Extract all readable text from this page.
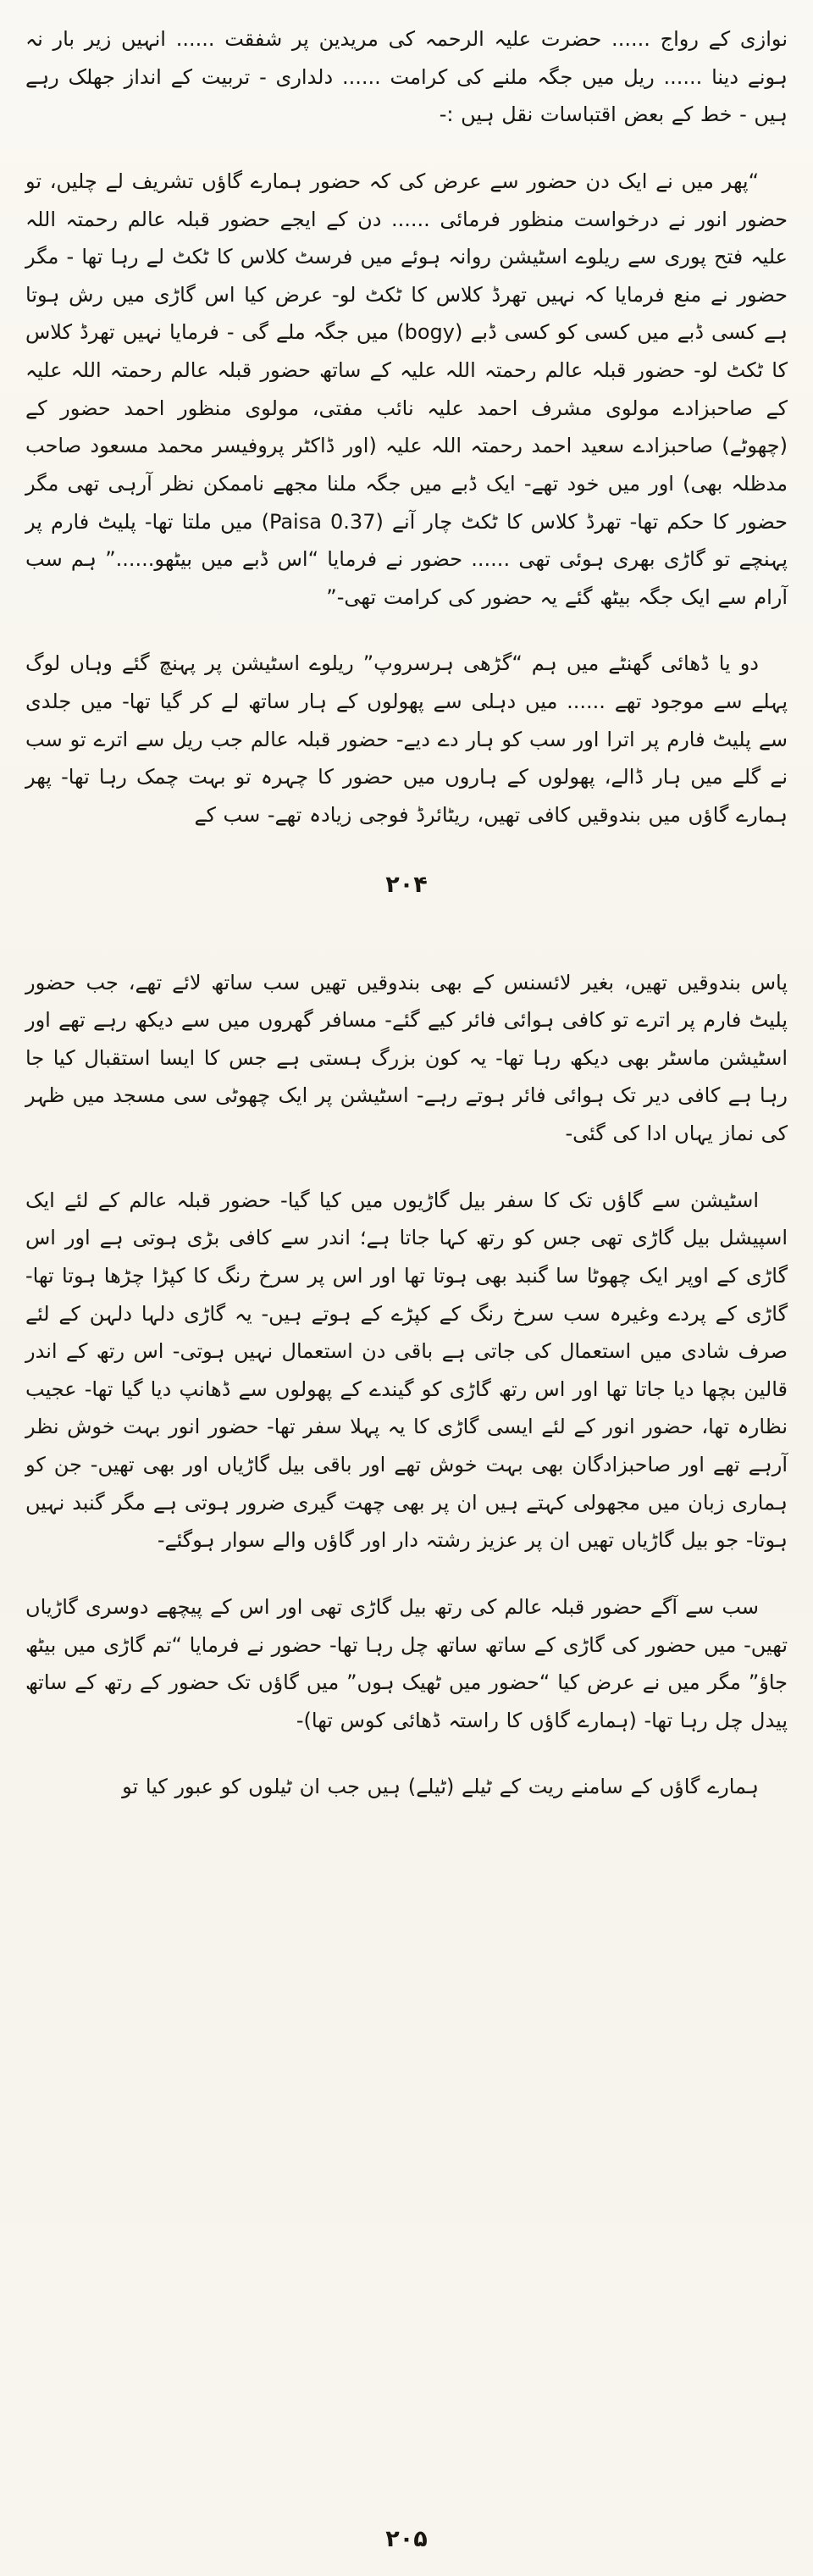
نوازی کے رواج ...... حضرت علیہ الرحمہ کی مریدین پر شفقت ...... انہیں زیر بار نہ ہونے دینا ...... ریل میں جگہ ملنے کی کرامت ...... دلداری - تربیت کے انداز جھلک رہے ہیں - خط کے بعض اقتباسات نقل ہیں :-

“پھر میں نے ایک دن حضور سے عرض کی کہ حضور ہمارے گاؤں تشریف لے چلیں، تو حضور انور نے درخواست منظور فرمائی ...... دن کے ایجے حضور قبلہ عالم رحمتہ اللہ علیہ فتح پوری سے ریلوے اسٹیشن روانہ ہوئے میں فرسٹ کلاس کا ٹکٹ لے رہا تھا - مگر حضور نے منع فرمایا کہ نہیں تھرڈ کلاس کا ٹکٹ لو- عرض کیا اس گاڑی میں رش ہوتا ہے کسی ڈبے میں کسی کو کسی ڈبے (bogy) میں جگہ ملے گی - فرمایا نہیں تھرڈ کلاس کا ٹکٹ لو- حضور قبلہ عالم رحمتہ اللہ علیہ کے ساتھ حضور قبلہ عالم رحمتہ اللہ علیہ کے صاحبزادے مولوی مشرف احمد علیہ نائب مفتی، مولوی منظور احمد حضور کے (چھوٹے) صاحبزادے سعید احمد رحمتہ اللہ علیہ (اور ڈاکٹر پروفیسر محمد مسعود صاحب مدظلہ بھی) اور میں خود تھے- ایک ڈبے میں جگہ ملنا مجھے ناممکن نظر آرہی تھی مگر حضور کا حکم تھا- تھرڈ کلاس کا ٹکٹ چار آنے (0.37 Paisa) میں ملتا تھا- پلیٹ فارم پر پہنچے تو گاڑی بھری ہوئی تھی ...... حضور نے فرمایا “اس ڈبے میں بیٹھو......” ہم سب آرام سے ایک جگہ بیٹھ گئے یہ حضور کی کرامت تھی-”

دو یا ڈھائی گھنٹے میں ہم “گڑھی ہرسروپ” ریلوے اسٹیشن پر پہنچ گئے وہاں لوگ پہلے سے موجود تھے ...... میں دہلی سے پھولوں کے ہار ساتھ لے کر گیا تھا- میں جلدی سے پلیٹ فارم پر اترا اور سب کو ہار دے دیے- حضور قبلہ عالم جب ریل سے اترے تو سب نے گلے میں ہار ڈالے، پھولوں کے ہاروں میں حضور کا چہرہ تو بہت چمک رہا تھا- پھر ہمارے گاؤں میں بندوقیں کافی تھیں، ریٹائرڈ فوجی زیادہ تھے- سب کے

۲۰۴

پاس بندوقیں تھیں، بغیر لائسنس کے بھی بندوقیں تھیں سب ساتھ لائے تھے، جب حضور پلیٹ فارم پر اترے تو کافی ہوائی فائر کیے گئے- مسافر گھروں میں سے دیکھ رہے تھے اور اسٹیشن ماسٹر بھی دیکھ رہا تھا- یہ کون بزرگ ہستی ہے جس کا ایسا استقبال کیا جا رہا ہے کافی دیر تک ہوائی فائر ہوتے رہے- اسٹیشن پر ایک چھوٹی سی مسجد میں ظہر کی نماز یہاں ادا کی گئی-

اسٹیشن سے گاؤں تک کا سفر بیل گاڑیوں میں کیا گیا- حضور قبلہ عالم کے لئے ایک اسپیشل بیل گاڑی تھی جس کو رتھ کہا جاتا ہے؛ اندر سے کافی بڑی ہوتی ہے اور اس گاڑی کے اوپر ایک چھوٹا سا گنبد بھی ہوتا تھا اور اس پر سرخ رنگ کا کپڑا چڑھا ہوتا تھا- گاڑی کے پردے وغیرہ سب سرخ رنگ کے کپڑے کے ہوتے ہیں- یہ گاڑی دلہا دلہن کے لئے صرف شادی میں استعمال کی جاتی ہے باقی دن استعمال نہیں ہوتی- اس رتھ کے اندر قالین بچھا دیا جاتا تھا اور اس رتھ گاڑی کو گیندے کے پھولوں سے ڈھانپ دیا گیا تھا- عجیب نظارہ تھا، حضور انور کے لئے ایسی گاڑی کا یہ پہلا سفر تھا- حضور انور بہت خوش نظر آرہے تھے اور صاحبزادگان بھی بہت خوش تھے اور باقی بیل گاڑیاں اور بھی تھیں- جن کو ہماری زبان میں مجھولی کہتے ہیں ان پر بھی چھت گیری ضرور ہوتی ہے مگر گنبد نہیں ہوتا- جو بیل گاڑیاں تھیں ان پر عزیز رشتہ دار اور گاؤں والے سوار ہوگئے-

سب سے آگے حضور قبلہ عالم کی رتھ بیل گاڑی تھی اور اس کے پیچھے دوسری گاڑیاں تھیں- میں حضور کی گاڑی کے ساتھ ساتھ چل رہا تھا- حضور نے فرمایا “تم گاڑی میں بیٹھ جاؤ” مگر میں نے عرض کیا “حضور میں ٹھیک ہوں” میں گاؤں تک حضور کے رتھ کے ساتھ پیدل چل رہا تھا- (ہمارے گاؤں کا راستہ ڈھائی کوس تھا)-

ہمارے گاؤں کے سامنے ریت کے ٹیلے (ٹیلے) ہیں جب ان ٹیلوں کو عبور کیا تو

۲۰۵
